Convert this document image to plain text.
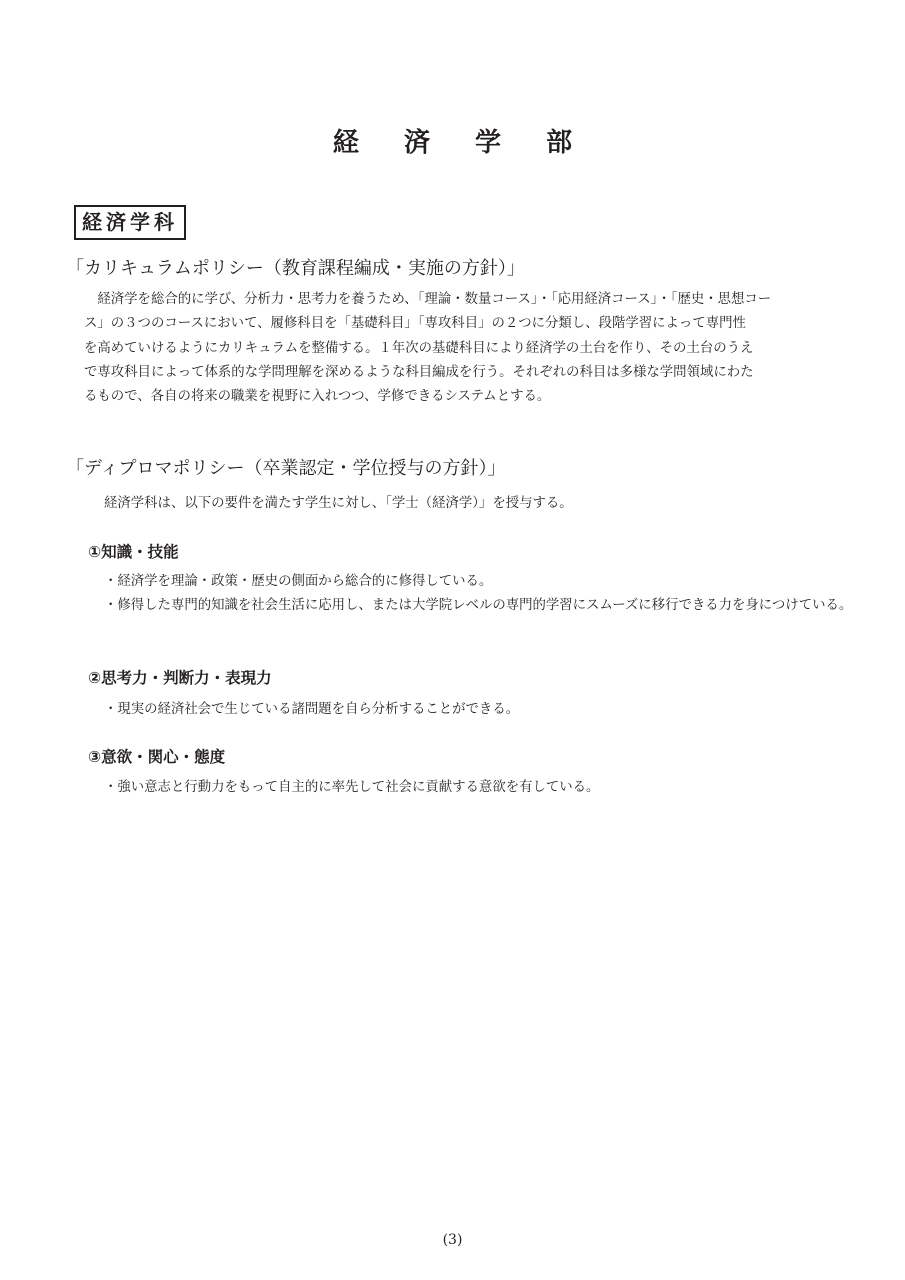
経 済 学 部
経済学科
「カリキュラムポリシー（教育課程編成・実施の方針）」

　経済学を総合的に学び、分析力・思考力を養うため、「理論・数量コース」・「応用経済コース」・「歴史・思想コー

ス」の３つのコースにおいて、履修科目を「基礎科目」「専攻科目」の２つに分類し、段階学習によって専門性

を高めていけるようにカリキュラムを整備する。１年次の基礎科目により経済学の土台を作り、その土台のうえ

で専攻科目によって体系的な学問理解を深めるような科目編成を行う。それぞれの科目は多様な学問領域にわた

るもので、各自の将来の職業を視野に入れつつ、学修できるシステムとする。

「ディプロマポリシー（卒業認定・学位授与の方針）」
経済学科は、以下の要件を満たす学生に対し、「学士（経済学）」を授与する。
①知識・技能
・経済学を理論・政策・歴史の側面から総合的に修得している。
・修得した専門的知識を社会生活に応用し、または大学院レベルの専門的学習にスムーズに移行できる力を身につけている。
②思考力・判断力・表現力
・現実の経済社会で生じている諸問題を自ら分析することができる。
③意欲・関心・態度
・強い意志と行動力をもって自主的に率先して社会に貢献する意欲を有している。
(3)
